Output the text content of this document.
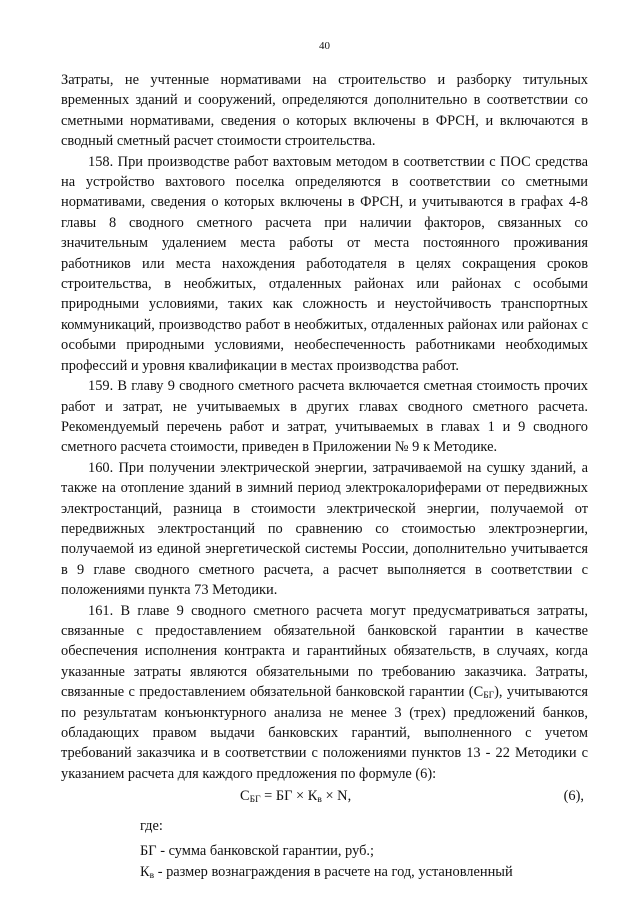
40

Затраты, не учтенные нормативами на строительство и разборку титульных временных зданий и сооружений, определяются дополнительно в соответствии со сметными нормативами, сведения о которых включены в ФРСН, и включаются в сводный сметный расчет стоимости строительства.

158. При производстве работ вахтовым методом в соответствии с ПОС средства на устройство вахтового поселка определяются в соответствии со сметными нормативами, сведения о которых включены в ФРСН, и учитываются в графах 4-8 главы 8 сводного сметного расчета при наличии факторов, связанных со значительным удалением места работы от места постоянного проживания работников или места нахождения работодателя в целях сокращения сроков строительства, в необжитых, отдаленных районах или районах с особыми природными условиями, таких как сложность и неустойчивость транспортных коммуникаций, производство работ в необжитых, отдаленных районах или районах с особыми природными условиями, необеспеченность работниками необходимых профессий и уровня квалификации в местах производства работ.

159. В главу 9 сводного сметного расчета включается сметная стоимость прочих работ и затрат, не учитываемых в других главах сводного сметного расчета. Рекомендуемый перечень работ и затрат, учитываемых в главах 1 и 9 сводного сметного расчета стоимости, приведен в Приложении № 9 к Методике.

160. При получении электрической энергии, затрачиваемой на сушку зданий, а также на отопление зданий в зимний период электрокалориферами от передвижных электростанций, разница в стоимости электрической энергии, получаемой от передвижных электростанций по сравнению со стоимостью электроэнергии, получаемой из единой энергетической системы России, дополнительно учитывается в 9 главе сводного сметного расчета, а расчет выполняется в соответствии с положениями пункта 73 Методики.

161. В главе 9 сводного сметного расчета могут предусматриваться затраты, связанные с предоставлением обязательной банковской гарантии в качестве обеспечения исполнения контракта и гарантийных обязательств, в случаях, когда указанные затраты являются обязательными по требованию заказчика. Затраты, связанные с предоставлением обязательной банковской гарантии $(С_{БГ})$, учитываются по результатам конъюнктурного анализа не менее 3 (трех) предложений банков, обладающих правом выдачи банковских гарантий, выполненного с учетом требований заказчика и в соответствии с положениями пунктов 13 - 22 Методики с указанием расчета для каждого предложения по формуле (6):

$С_{БГ}$ = БГ × $К_в \times N$,	(6),
где:
БГ - сумма банковской гарантии, руб.;
$К_в$ - размер вознаграждения в расчете на год, установленный
